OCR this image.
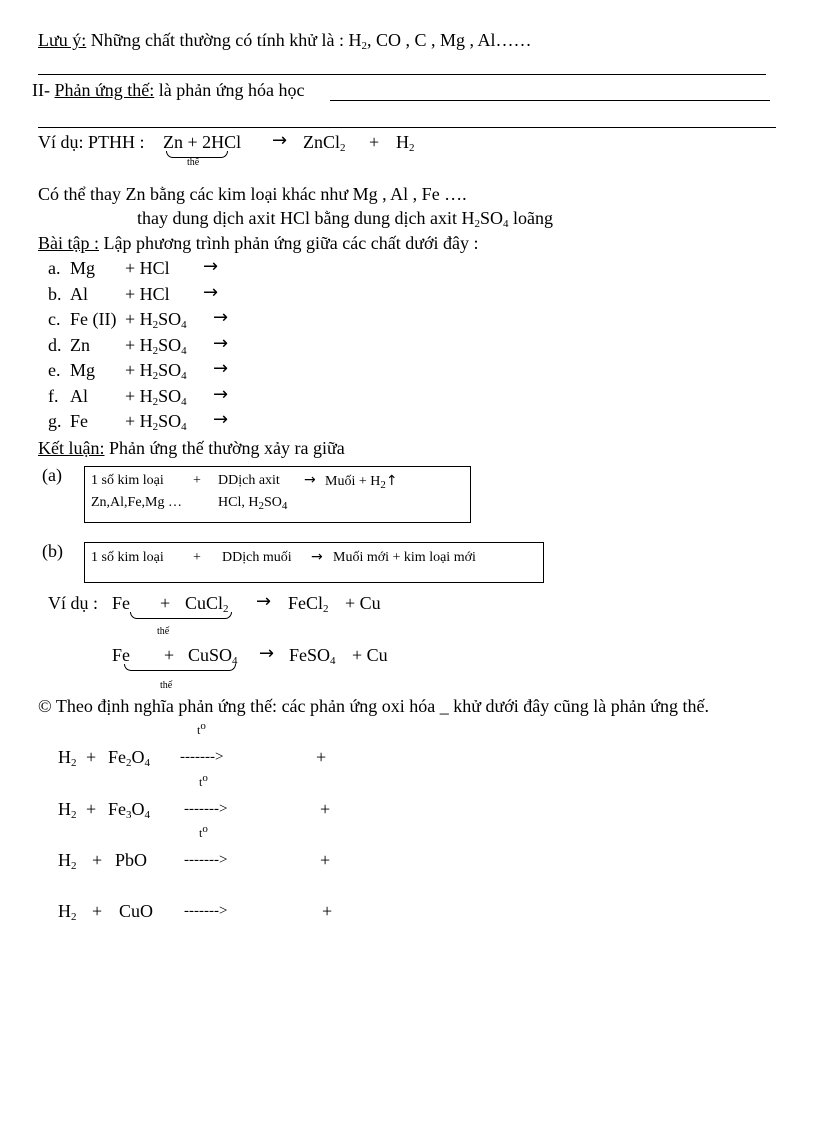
Lưu ý: Những chất thường có tính khử là : $H_2$, CO , C , Mg , Al……
II- Phản ứng thế: là phản ứng hóa học
Ví dụ: PTHH : Zn + 2HCl
thế
→ ZnCl$_2$ + $H_2$
Có thể thay Zn bằng các kim loại khác như Mg , Al , Fe ….
thay dung dịch axit HCl bằng dung dịch axit $H_2SO_4$ loãng
Bài tập : Lập phương trình phản ứng giữa các chất dưới đây :
a. Mg + HCl →
b. Al + HCl →
c. Fe $(II) + H_2SO_4$ →
d. $Zn + H_2SO_4$ →
e. $Mg + H_2SO_4$ →
f. $Al + H_2SO_4$ →
g. $Fe + H_2SO_4$ →
Kết luận: Phản ứng thế thường xảy ra giữa
(a) 1 số kim loại + DDịch axit → Muối + $H_2↑$
Zn,Al,Fe,Mg …	HCl, $H_2SO_4$
(b) 1 số kim loại + DDịch muối → Muối mới + kim loại mới
Ví dụ : Fe + CuCl$_2$
thế
→ FeCl$_2$ + Cu
Fe + CuSO$_4$
thế
→ FeSO$_4$ + Cu
© Theo định nghĩa phản ứng thế: các phản ứng oxi hóa _ khử dưới đây cũng là phản ứng thế.
$H_2 + Fe_2O_4$ ------->	+
$t^o$
$H_2 + Fe_3O_4$ ------->	+
$t^o$
$H_2$ + PbO ------->	+
$t^o$
$H_2$ + CuO ------->	+
